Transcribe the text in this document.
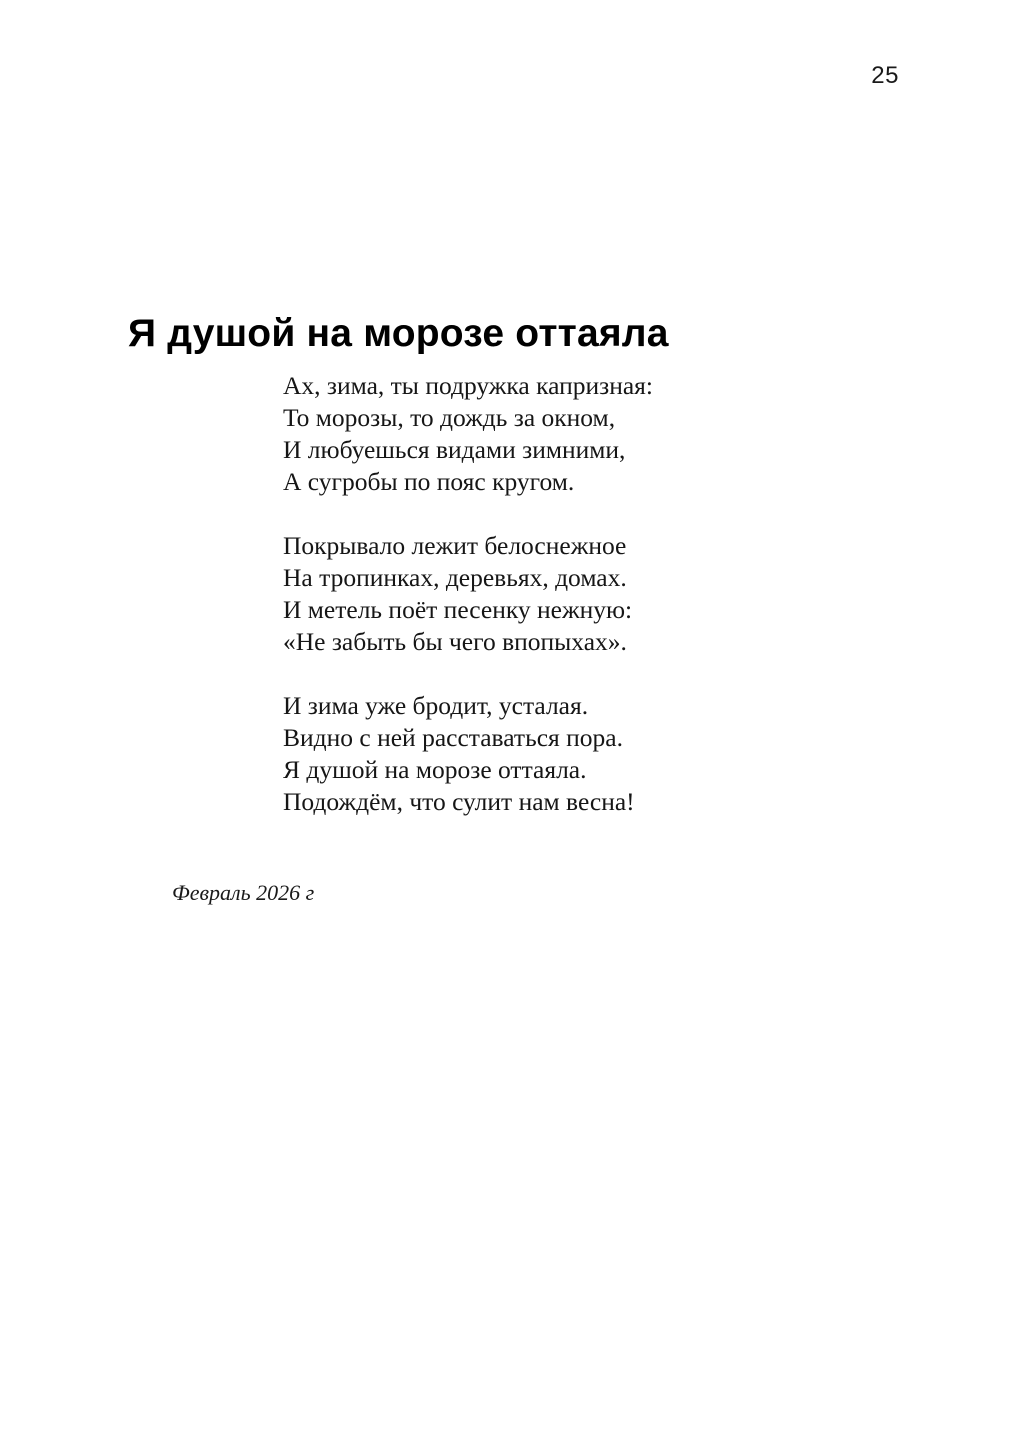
25
Я душой на морозе оттаяла
Ах, зима, ты подружка капризная:
То морозы, то дождь за окном,
И любуешься видами зимними,
А сугробы по пояс кругом.
Покрывало лежит белоснежное
На тропинках, деревьях, домах.
И метель поёт песенку нежную:
«Не забыть бы чего впопыхах».
И зима уже бродит, усталая.
Видно с ней расставаться пора.
Я душой на морозе оттаяла.
Подождём, что сулит нам весна!
Февраль 2026 г
